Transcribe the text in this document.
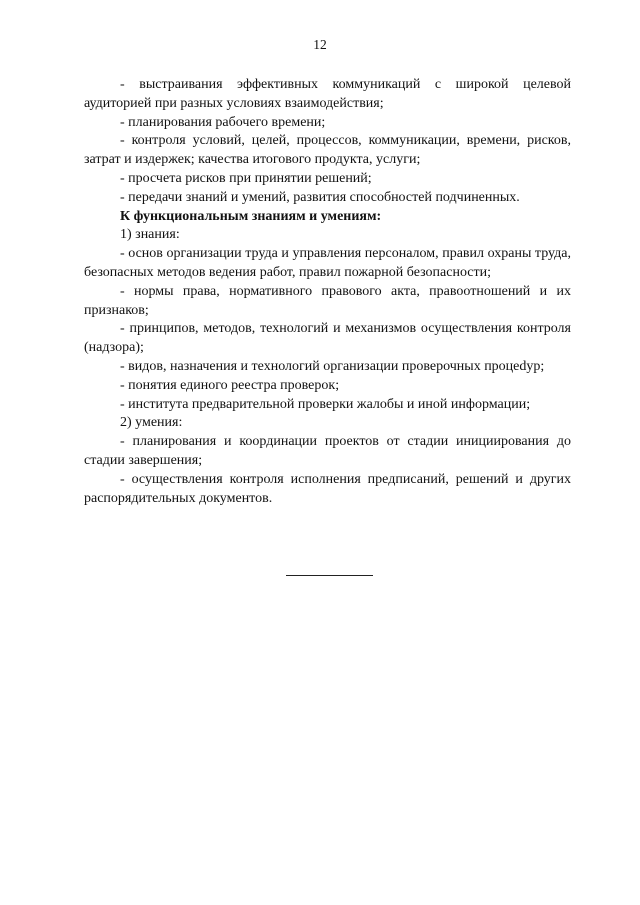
12

- выстраивания эффективных коммуникаций с широкой целевой аудиторией при разных условиях взаимодействия;

- планирования рабочего времени;

- контроля условий, целей, процессов, коммуникации, времени, рисков, затрат и издержек; качества итогового продукта, услуги;

- просчета рисков при принятии решений;

- передачи знаний и умений, развития способностей подчиненных.

К функциональным знаниям и умениям:

1) знания:

- основ организации труда и управления персоналом, правил охраны труда, безопасных методов ведения работ, правил пожарной безопасности;

- нормы права, нормативного правового акта, правоотношений и их признаков;

- принципов, методов, технологий и механизмов осуществления контроля (надзора);

- видов, назначения и технологий организации проверочных процеdур;

- понятия единого реестра проверок;

- института предварительной проверки жалобы и иной информации;

2) умения:

- планирования и координации проектов от стадии инициирования до стадии завершения;

- осуществления контроля исполнения предписаний, решений и других распорядительных документов.
